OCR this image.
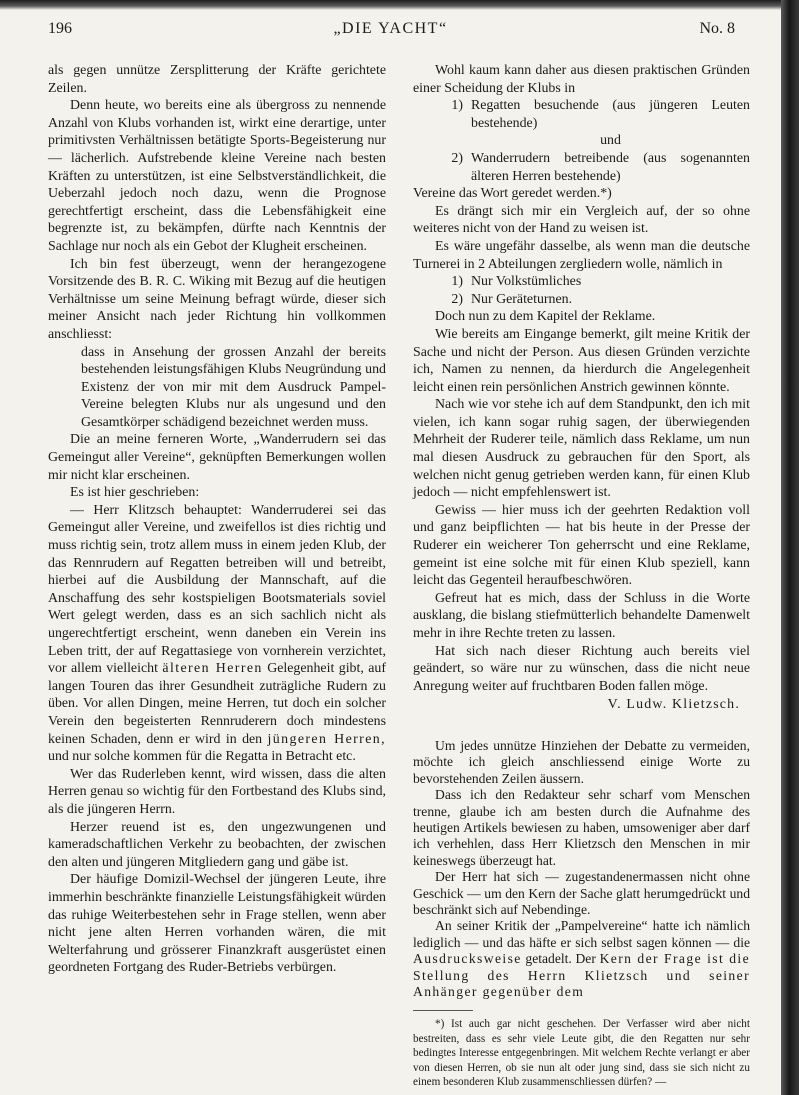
196	„DIE YACHT“	No. 8

als gegen unnütze Zersplitterung der Kräfte gerichtete Zeilen.

Denn heute, wo bereits eine als übergross zu nennende Anzahl von Klubs vorhanden ist, wirkt eine derartige, unter primitivsten Verhältnissen betätigte Sports-Begeisterung nur — lächerlich. Aufstrebende kleine Vereine nach besten Kräften zu unterstützen, ist eine Selbstverständlichkeit, die Ueberzahl jedoch noch dazu, wenn die Prognose gerechtfertigt erscheint, dass die Lebensfähigkeit eine begrenzte ist, zu bekämpfen, dürfte nach Kenntnis der Sachlage nur noch als ein Gebot der Klugheit erscheinen.

Ich bin fest überzeugt, wenn der herangezogene Vorsitzende des B. R. C. Wiking mit Bezug auf die heutigen Verhältnisse um seine Meinung befragt würde, dieser sich meiner Ansicht nach jeder Richtung hin vollkommen anschliesst:

dass in Ansehung der grossen Anzahl der bereits bestehenden leistungsfähigen Klubs Neugründung und Existenz der von mir mit dem Ausdruck Pampel-Vereine belegten Klubs nur als ungesund und den Gesamtkörper schädigend bezeichnet werden muss.

Die an meine ferneren Worte, „Wanderrudern sei das Gemeingut aller Vereine“, geknüpften Bemerkungen wollen mir nicht klar erscheinen.

Es ist hier geschrieben:

— Herr Klitzsch behauptet: Wanderruderei sei das Gemeingut aller Vereine, und zweifellos ist dies richtig und muss richtig sein, trotz allem muss in einem jeden Klub, der das Rennrudern auf Regatten betreiben will und betreibt, hierbei auf die Ausbildung der Mannschaft, auf die Anschaffung des sehr kostspieligen Bootsmaterials soviel Wert gelegt werden, dass es an sich sachlich nicht als ungerechtfertigt erscheint, wenn daneben ein Verein ins Leben tritt, der auf Regattasiege von vornherein verzichtet, vor allem vielleicht älteren Herren Gelegenheit gibt, auf langen Touren das ihrer Gesundheit zuträgliche Rudern zu üben. Vor allen Dingen, meine Herren, tut doch ein solcher Verein den begeisterten Rennruderern doch mindestens keinen Schaden, denn er wird in den jüngeren Herren, und nur solche kommen für die Regatta in Betracht etc.

Wer das Ruderleben kennt, wird wissen, dass die alten Herren genau so wichtig für den Fortbestand des Klubs sind, als die jüngeren Herrn.

Herzer reuend ist es, den ungezwungenen und kameradschaftlichen Verkehr zu beobachten, der zwischen den alten und jüngeren Mitgliedern gang und gäbe ist.

Der häufige Domizil-Wechsel der jüngeren Leute, ihre immerhin beschränkte finanzielle Leistungsfähigkeit würden das ruhige Weiterbestehen sehr in Frage stellen, wenn aber nicht jene alten Herren vorhanden wären, die mit Welterfahrung und grösserer Finanzkraft ausgerüstet einen geordneten Fortgang des Ruder-Betriebs verbürgen.

Wohl kaum kann daher aus diesen praktischen Gründen einer Scheidung der Klubs in

1) Regatten besuchende (aus jüngeren Leuten bestehende)
und
2) Wanderrudern betreibende (aus sogenannten älteren Herren bestehende)

Vereine das Wort geredet werden.*)

Es drängt sich mir ein Vergleich auf, der so ohne weiteres nicht von der Hand zu weisen ist.

Es wäre ungefähr dasselbe, als wenn man die deutsche Turnerei in 2 Abteilungen zergliedern wolle, nämlich in

1) Nur Volkstümliches
2) Nur Geräteturnen.

Doch nun zu dem Kapitel der Reklame.

Wie bereits am Eingange bemerkt, gilt meine Kritik der Sache und nicht der Person. Aus diesen Gründen verzichte ich, Namen zu nennen, da hierdurch die Angelegenheit leicht einen rein persönlichen Anstrich gewinnen könnte.

Nach wie vor stehe ich auf dem Standpunkt, den ich mit vielen, ich kann sogar ruhig sagen, der überwiegenden Mehrheit der Ruderer teile, nämlich dass Reklame, um nun mal diesen Ausdruck zu gebrauchen für den Sport, als welchen nicht genug getrieben werden kann, für einen Klub jedoch — nicht empfehlenswert ist.

Gewiss — hier muss ich der geehrten Redaktion voll und ganz beipflichten — hat bis heute in der Presse der Ruderer ein weicherer Ton geherrscht und eine Reklame, gemeint ist eine solche mit für einen Klub speziell, kann leicht das Gegenteil heraufbeschwören.

Gefreut hat es mich, dass der Schluss in die Worte ausklang, die bislang stiefmütterlich behandelte Damenwelt mehr in ihre Rechte treten zu lassen.

Hat sich nach dieser Richtung auch bereits viel geändert, so wäre nur zu wünschen, dass die nicht neue Anregung weiter auf fruchtbaren Boden fallen möge.

V. Ludw. Klietzsch.

Um jedes unnütze Hinziehen der Debatte zu vermeiden, möchte ich gleich anschliessend einige Worte zu bevorstehenden Zeilen äussern.

Dass ich den Redakteur sehr scharf vom Menschen trenne, glaube ich am besten durch die Aufnahme des heutigen Artikels bewiesen zu haben, umsoweniger aber darf ich verhehlen, dass Herr Klietzsch den Menschen in mir keineswegs überzeugt hat.

Der Herr hat sich — zugestandenermassen nicht ohne Geschick — um den Kern der Sache glatt herumgedrückt und beschränkt sich auf Nebendinge.

An seiner Kritik der „Pampelvereine“ hatte ich nämlich lediglich — und das häfte er sich selbst sagen können — die Ausdrucksweise getadelt. Der Kern der Frage ist die Stellung des Herrn Klietzsch und seiner Anhänger gegenüber dem

*) Ist auch gar nicht geschehen. Der Verfasser wird aber nicht bestreiten, dass es sehr viele Leute gibt, die den Regatten nur sehr bedingtes Interesse entgegenbringen. Mit welchem Rechte verlangt er aber von diesen Herren, ob sie nun alt oder jung sind, dass sie sich nicht zu einem besonderen Klub zusammenschliessen dürfen? —
